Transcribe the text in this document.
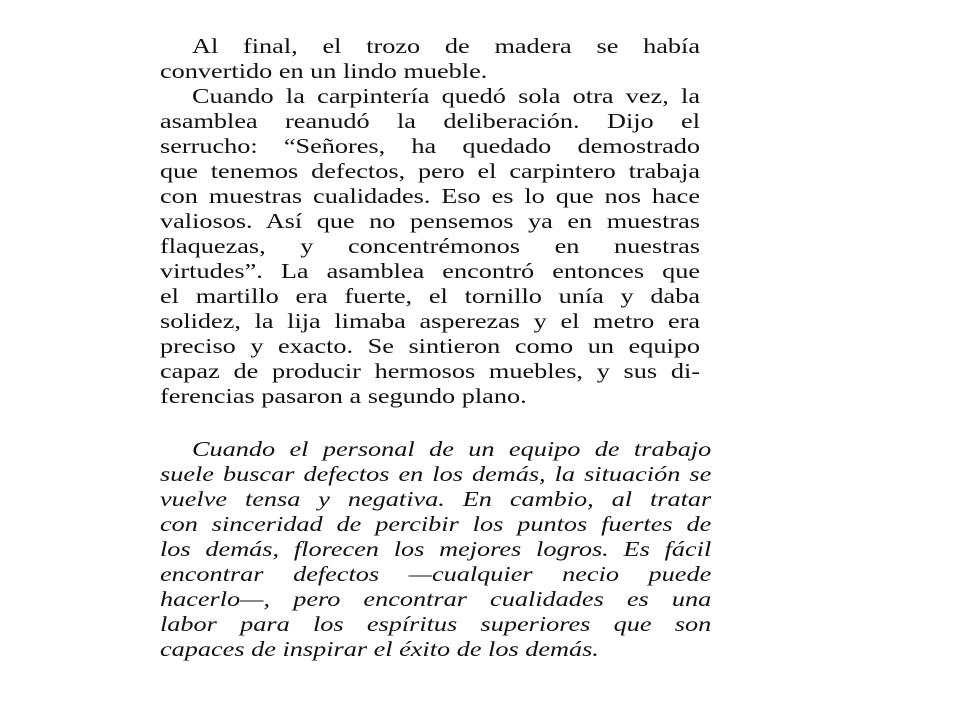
Al final, el trozo de madera se había
convertido en un lindo mueble.
Cuando la carpintería quedó sola otra vez, la
asamblea reanudó la deliberación. Dijo el
serrucho: “Señores, ha quedado demostrado
que tenemos defectos, pero el carpintero trabaja
con muestras cualidades. Eso es lo que nos hace
valiosos. Así que no pensemos ya en muestras
flaquezas, y concentrémonos en nuestras
virtudes”. La asamblea encontró entonces que
el martillo era fuerte, el tornillo unía y daba
solidez, la lija limaba asperezas y el metro era
preciso y exacto. Se sintieron como un equipo
capaz de producir hermosos muebles, y sus di-
ferencias pasaron a segundo plano.
Cuando el personal de un equipo de trabajo
suele buscar defectos en los demás, la situación se
vuelve tensa y negativa. En cambio, al tratar
con sinceridad de percibir los puntos fuertes de
los demás, florecen los mejores logros. Es fácil
encontrar defectos —cualquier necio puede
hacerlo—, pero encontrar cualidades es una
labor para los espíritus superiores que son
capaces de inspirar el éxito de los demás.
